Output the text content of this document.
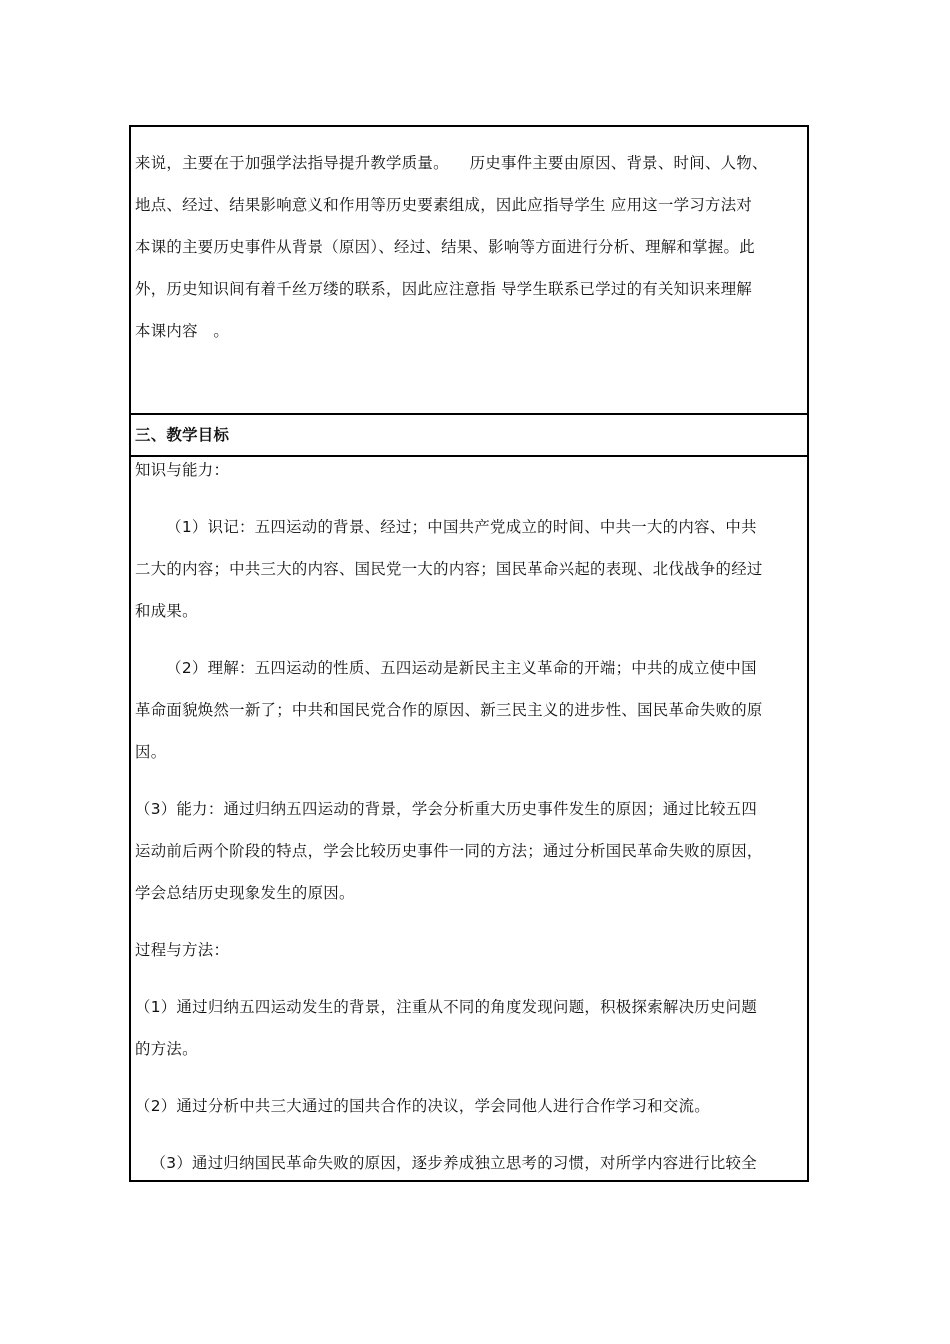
来说，主要在于加强学法指导提升教学质量。    历史事件主要由原因、背景、时间、人物、
地点、经过、结果影响意义和作用等历史要素组成，因此应指导学生 应用这一学习方法对
本课的主要历史事件从背景（原因）、经过、结果、影响等方面进行分析、理解和掌握。此
外，历史知识间有着千丝万缕的联系，因此应注意指 导学生联系已学过的有关知识来理解
本课内容   。
三、教学目标
知识与能力：
（1）识记：五四运动的背景、经过；中国共产党成立的时间、中共一大的内容、中共
二大的内容；中共三大的内容、国民党一大的内容；国民革命兴起的表现、北伐战争的经过
和成果。
（2）理解：五四运动的性质、五四运动是新民主主义革命的开端；中共的成立使中国
革命面貌焕然一新了；中共和国民党合作的原因、新三民主义的进步性、国民革命失败的原
因。
（3）能力：通过归纳五四运动的背景，学会分析重大历史事件发生的原因；通过比较五四
运动前后两个阶段的特点，学会比较历史事件一同的方法；通过分析国民革命失败的原因，
学会总结历史现象发生的原因。
过程与方法：
（1）通过归纳五四运动发生的背景，注重从不同的角度发现问题，积极探索解决历史问题
的方法。
（2）通过分析中共三大通过的国共合作的决议，学会同他人进行合作学习和交流。
（3）通过归纳国民革命失败的原因，逐步养成独立思考的习惯，对所学内容进行比较全
